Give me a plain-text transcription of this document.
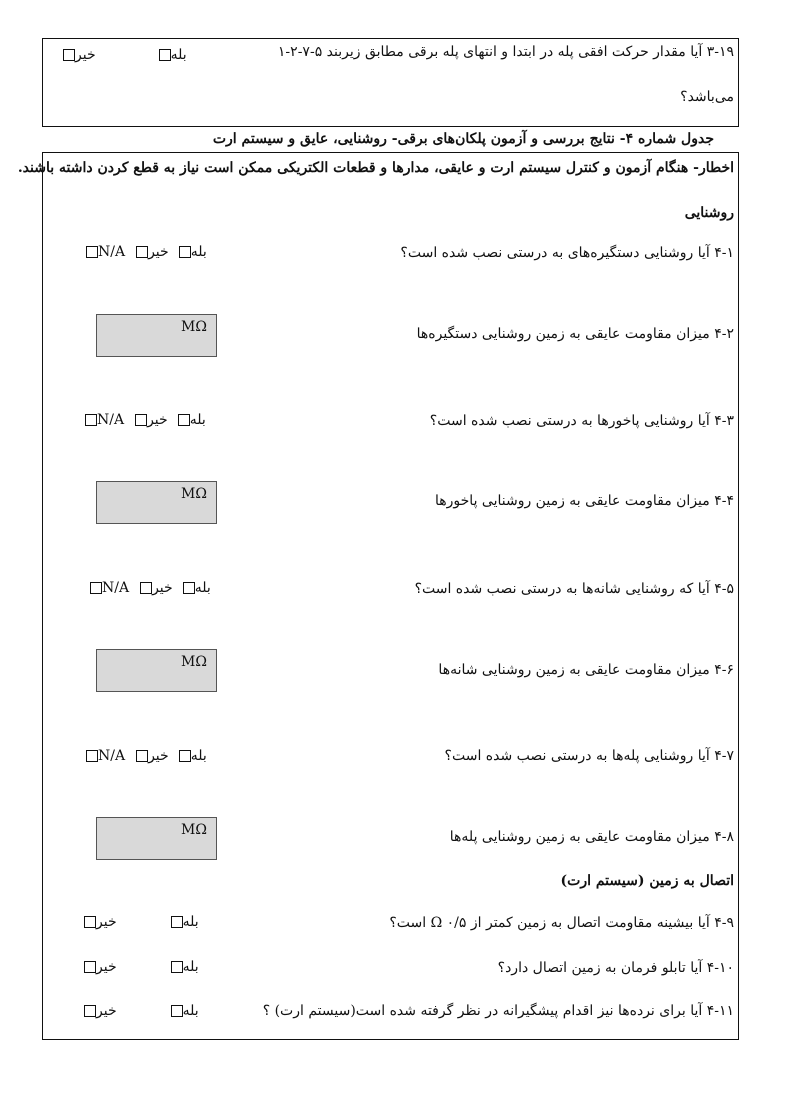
۳-۱۹ آیا مقدار حرکت افقی پله در ابتدا و انتهای پله برقی مطابق زیربند ۵-۷-۲-۱
می‌باشد؟
بله
خیر
جدول شماره ۴- نتایج بررسی و آزمون پلکان‌های برقی- روشنایی، عایق و سیستم ارت
اخطار- هنگام آزمون و کنترل سیستم ارت و عایقی، مدارها و قطعات الکتریکی ممکن است نیاز به قطع کردن داشته باشند.
روشنایی
۴-۱ آیا روشنایی دستگیره‌های به درستی نصب شده است؟
بله
خیر
N/A
۴-۲ میزان مقاومت عایقی به زمین روشنایی دستگیره‌ها
MΩ
۴-۳ آیا روشنایی پاخورها به درستی نصب شده است؟
بله
خیر
N/A
۴-۴ میزان مقاومت عایقی به زمین روشنایی پاخورها
MΩ
۴-۵ آیا که روشنایی شانه‌ها به درستی نصب شده است؟
بله
خیر
N/A
۴-۶ میزان مقاومت عایقی به زمین روشنایی شانه‌ها
MΩ
۴-۷ آیا روشنایی پله‌ها به درستی نصب شده است؟
بله
خیر
N/A
۴-۸ میزان مقاومت عایقی به زمین روشنایی پله‌ها
MΩ
اتصال به زمین (سیستم ارت)
۴-۹ آیا بیشینه مقاومت اتصال به زمین کمتر از ۰/۵ Ω است؟
بله
خیر
۴-۱۰ آیا تابلو فرمان به زمین اتصال دارد؟
بله
خیر
۴-۱۱ آیا برای نرده‌ها نیز اقدام پیشگیرانه در نظر گرفته شده است(سیستم ارت) ؟
بله
خیر
